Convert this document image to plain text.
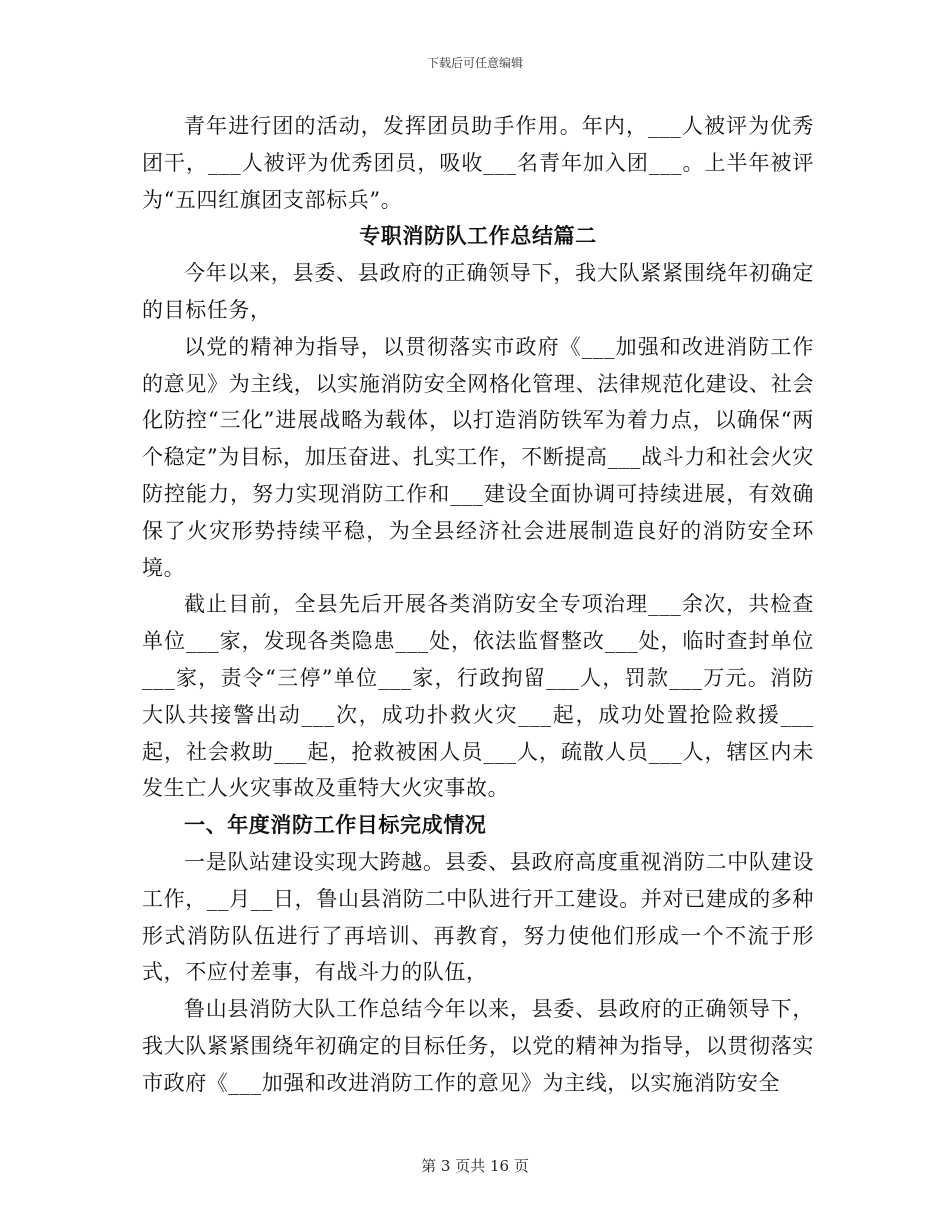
下载后可任意编辑

青年进行团的活动，发挥团员助手作用。年内，___人被评为优秀团干，___人被评为优秀团员，吸收___名青年加入团___。上半年被评为“五四红旗团支部标兵”。

专职消防队工作总结篇二

今年以来，县委、县政府的正确领导下，我大队紧紧围绕年初确定的目标任务，

以党的精神为指导，以贯彻落实市政府《___加强和改进消防工作的意见》为主线，以实施消防安全网格化管理、法律规范化建设、社会化防控“三化”进展战略为载体，以打造消防铁军为着力点，以确保“两个稳定”为目标，加压奋进、扎实工作，不断提高___战斗力和社会火灾防控能力，努力实现消防工作和___建设全面协调可持续进展，有效确保了火灾形势持续平稳，为全县经济社会进展制造良好的消防安全环境。

截止目前，全县先后开展各类消防安全专项治理___余次，共检查单位___家，发现各类隐患___处，依法监督整改___处，临时查封单位___家，责令“三停”单位___家，行政拘留___人，罚款___万元。消防大队共接警出动___次，成功扑救火灾___起，成功处置抢险救援___起，社会救助___起，抢救被困人员___人，疏散人员___人，辖区内未发生亡人火灾事故及重特大火灾事故。

一、年度消防工作目标完成情况

一是队站建设实现大跨越。县委、县政府高度重视消防二中队建设工作，__月__日，鲁山县消防二中队进行开工建设。并对已建成的多种形式消防队伍进行了再培训、再教育，努力使他们形成一个不流于形式，不应付差事，有战斗力的队伍，

鲁山县消防大队工作总结今年以来，县委、县政府的正确领导下，我大队紧紧围绕年初确定的目标任务，以党的精神为指导，以贯彻落实市政府《___加强和改进消防工作的意见》为主线，以实施消防安全

第 3 页共 16 页
